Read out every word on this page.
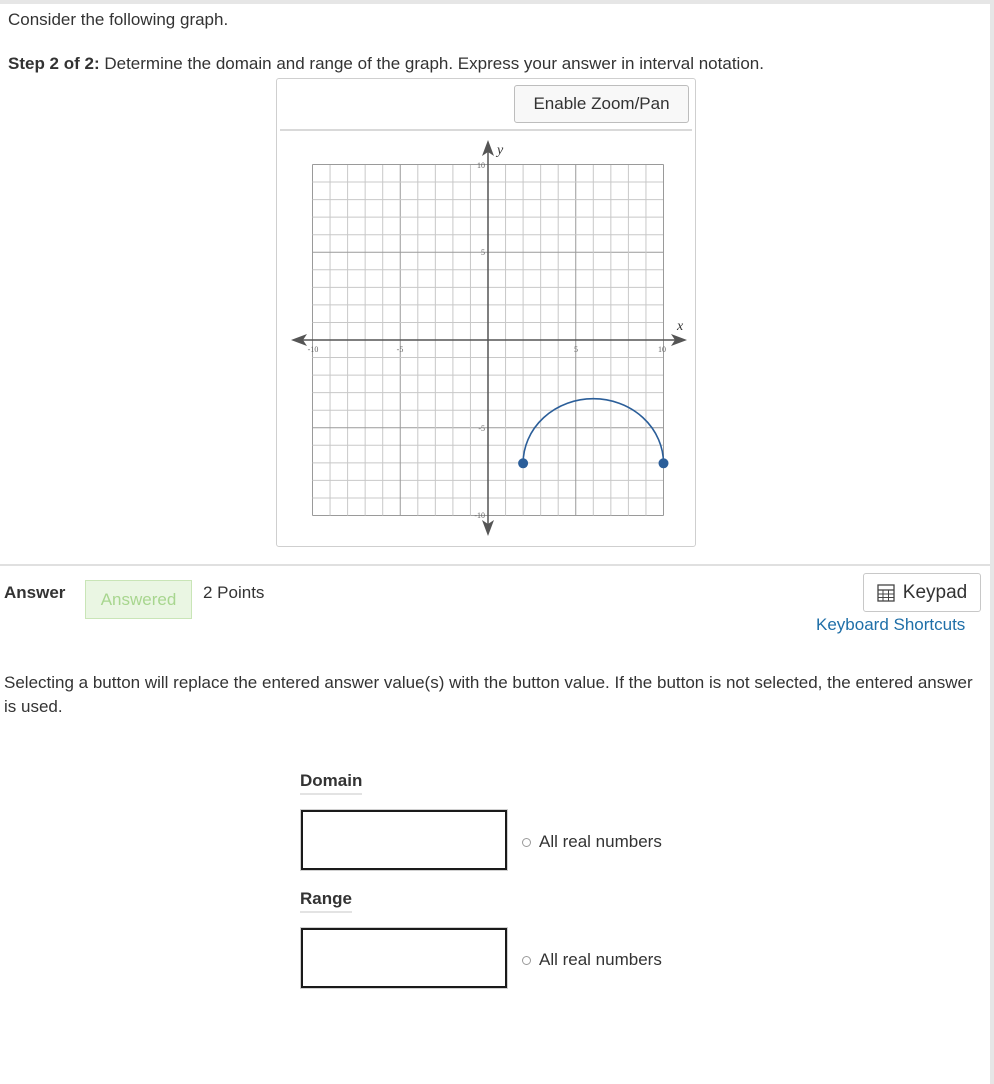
Consider the following graph.
Step 2 of 2: Determine the domain and range of the graph. Express your answer in interval notation.
Enable Zoom/Pan
x
y
-10	-5	5	10
10
5
-5
-10
Answer	Answered	2 Points	Keypad
Keyboard Shortcuts
Selecting a button will replace the entered answer value(s) with the button value. If the button is not selected, the entered answer is used.
Domain
All real numbers
Range
All real numbers
